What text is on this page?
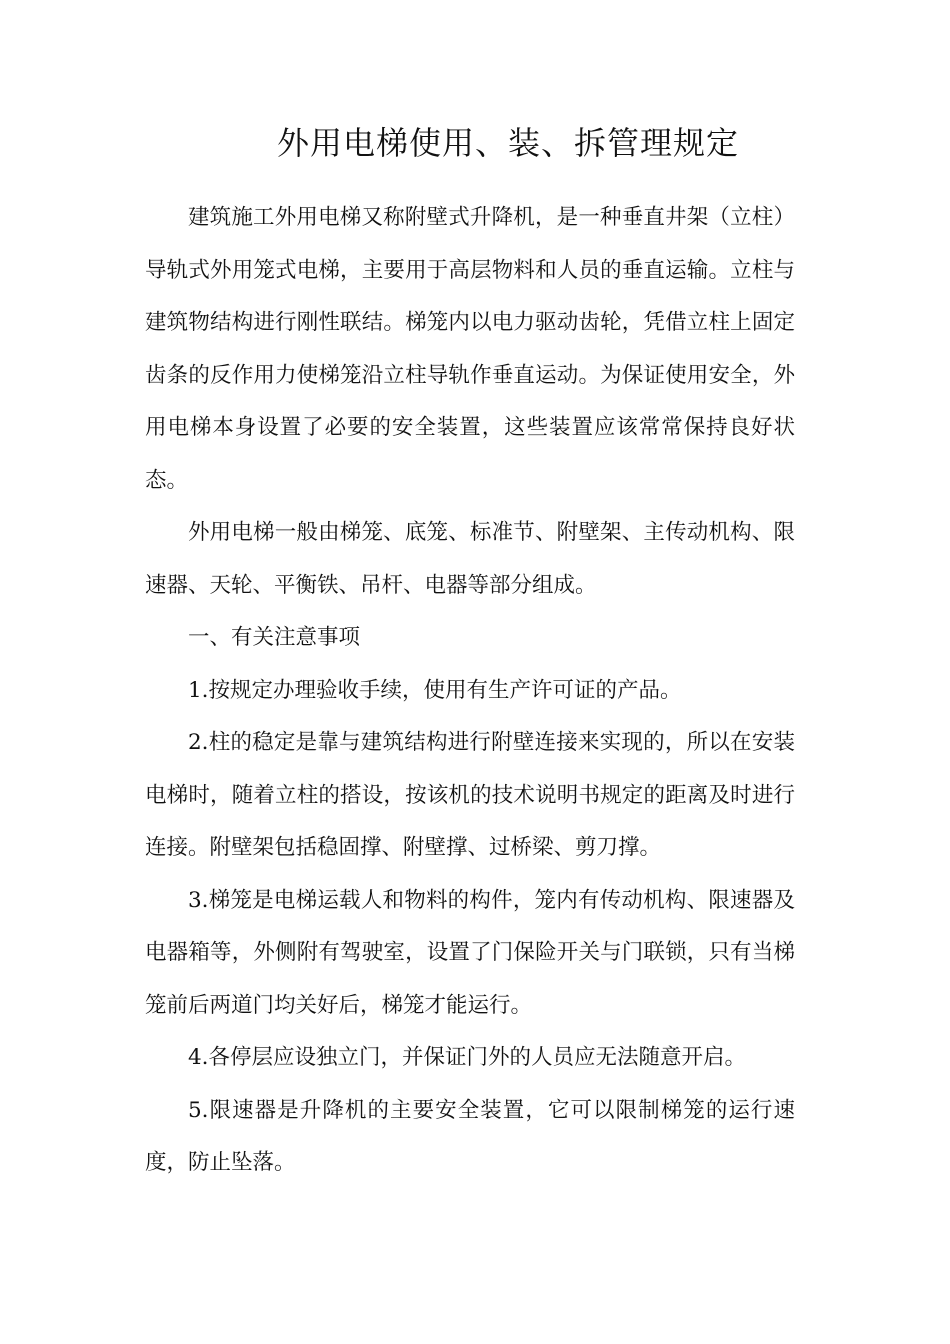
外用电梯使用、装、拆管理规定

建筑施工外用电梯又称附壁式升降机，是一种垂直井架（立柱）导轨式外用笼式电梯，主要用于高层物料和人员的垂直运输。立柱与建筑物结构进行刚性联结。梯笼内以电力驱动齿轮，凭借立柱上固定齿条的反作用力使梯笼沿立柱导轨作垂直运动。为保证使用安全，外用电梯本身设置了必要的安全装置，这些装置应该常常保持良好状态。

外用电梯一般由梯笼、底笼、标准节、附壁架、主传动机构、限速器、天轮、平衡铁、吊杆、电器等部分组成。

一、有关注意事项

1.按规定办理验收手续，使用有生产许可证的产品。

2.柱的稳定是靠与建筑结构进行附壁连接来实现的，所以在安装电梯时，随着立柱的搭设，按该机的技术说明书规定的距离及时进行连接。附壁架包括稳固撑、附壁撑、过桥梁、剪刀撑。

3.梯笼是电梯运载人和物料的构件，笼内有传动机构、限速器及电器箱等，外侧附有驾驶室，设置了门保险开关与门联锁，只有当梯笼前后两道门均关好后，梯笼才能运行。

4.各停层应设独立门，并保证门外的人员应无法随意开启。

5.限速器是升降机的主要安全装置，它可以限制梯笼的运行速度，防止坠落。
